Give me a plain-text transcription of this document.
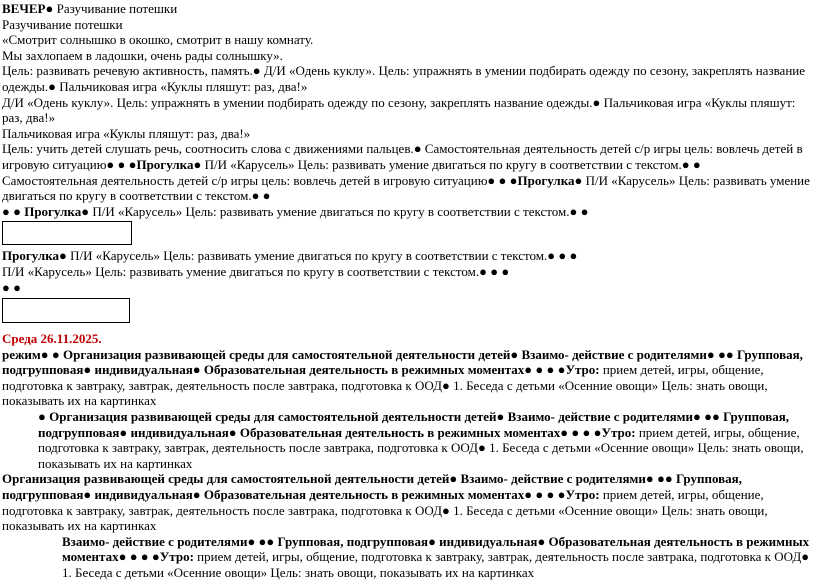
ВЕЧЕР● Разучивание потешки
Разучивание потешки
«Смотрит солнышко в окошко, смотрит в нашу комнату.
Мы захлопаем в ладошки, очень рады солнышку».
Цель: развивать речевую активность, память.● Д/И «Одень куклу». Цель: упражнять в умении подбирать одежду по сезону, закреплять название одежды.● Пальчиковая игра «Куклы пляшут: раз, два!»
Д/И «Одень куклу». Цель: упражнять в умении подбирать одежду по сезону, закреплять название одежды.● Пальчиковая игра «Куклы пляшут: раз, два!»
Пальчиковая игра «Куклы пляшут: раз, два!»
Цель: учить детей слушать речь, соотносить слова с движениями пальцев.● Самостоятельная деятельность детей с/р игры цель: вовлечь детей в игровую ситуацию● ● ●Прогулка● П/И «Карусель» Цель: развивать умение двигаться по кругу в соответствии с текстом.● ●
Самостоятельная деятельность детей с/р игры цель: вовлечь детей в игровую ситуацию● ● ●Прогулка● П/И «Карусель» Цель: развивать умение двигаться по кругу в соответствии с текстом.● ●
● ● Прогулка● П/И «Карусель» Цель: развивать умение двигаться по кругу в соответствии с текстом.● ●
Прогулка● П/И «Карусель» Цель: развивать умение двигаться по кругу в соответствии с текстом.● ● ●
П/И «Карусель» Цель: развивать умение двигаться по кругу в соответствии с текстом.● ● ●
● ●
Среда 26.11.2025.
режим● ● Организация развивающей среды для самостоятельной деятельности детей● Взаимо- действие с родителями● ●● Групповая, подгрупповая● индивидуальная● Образовательная деятельность в режимных моментах● ● ● ●Утро: прием детей, игры, общение, подготовка к завтраку, завтрак, деятельность после завтрака, подготовка к ООД● 1. Беседа с детьми «Осенние овощи» Цель: знать овощи, показывать их на картинках
● Организация развивающей среды для самостоятельной деятельности детей● Взаимо- действие с родителями● ●● Групповая, подгрупповая● индивидуальная● Образовательная деятельность в режимных моментах● ● ● ●Утро: прием детей, игры, общение, подготовка к завтраку, завтрак, деятельность после завтрака, подготовка к ООД● 1. Беседа с детьми «Осенние овощи» Цель: знать овощи, показывать их на картинках
Организация развивающей среды для самостоятельной деятельности детей● Взаимо- действие с родителями● ●● Групповая, подгрупповая● индивидуальная● Образовательная деятельность в режимных моментах● ● ● ●Утро: прием детей, игры, общение, подготовка к завтраку, завтрак, деятельность после завтрака, подготовка к ООД● 1. Беседа с детьми «Осенние овощи» Цель: знать овощи, показывать их на картинках
Взаимо- действие с родителями● ●● Групповая, подгрупповая● индивидуальная● Образовательная деятельность в режимных моментах● ● ● ●Утро: прием детей, игры, общение, подготовка к завтраку, завтрак, деятельность после завтрака, подготовка к ООД● 1. Беседа с детьми «Осенние овощи» Цель: знать овощи, показывать их на картинках
